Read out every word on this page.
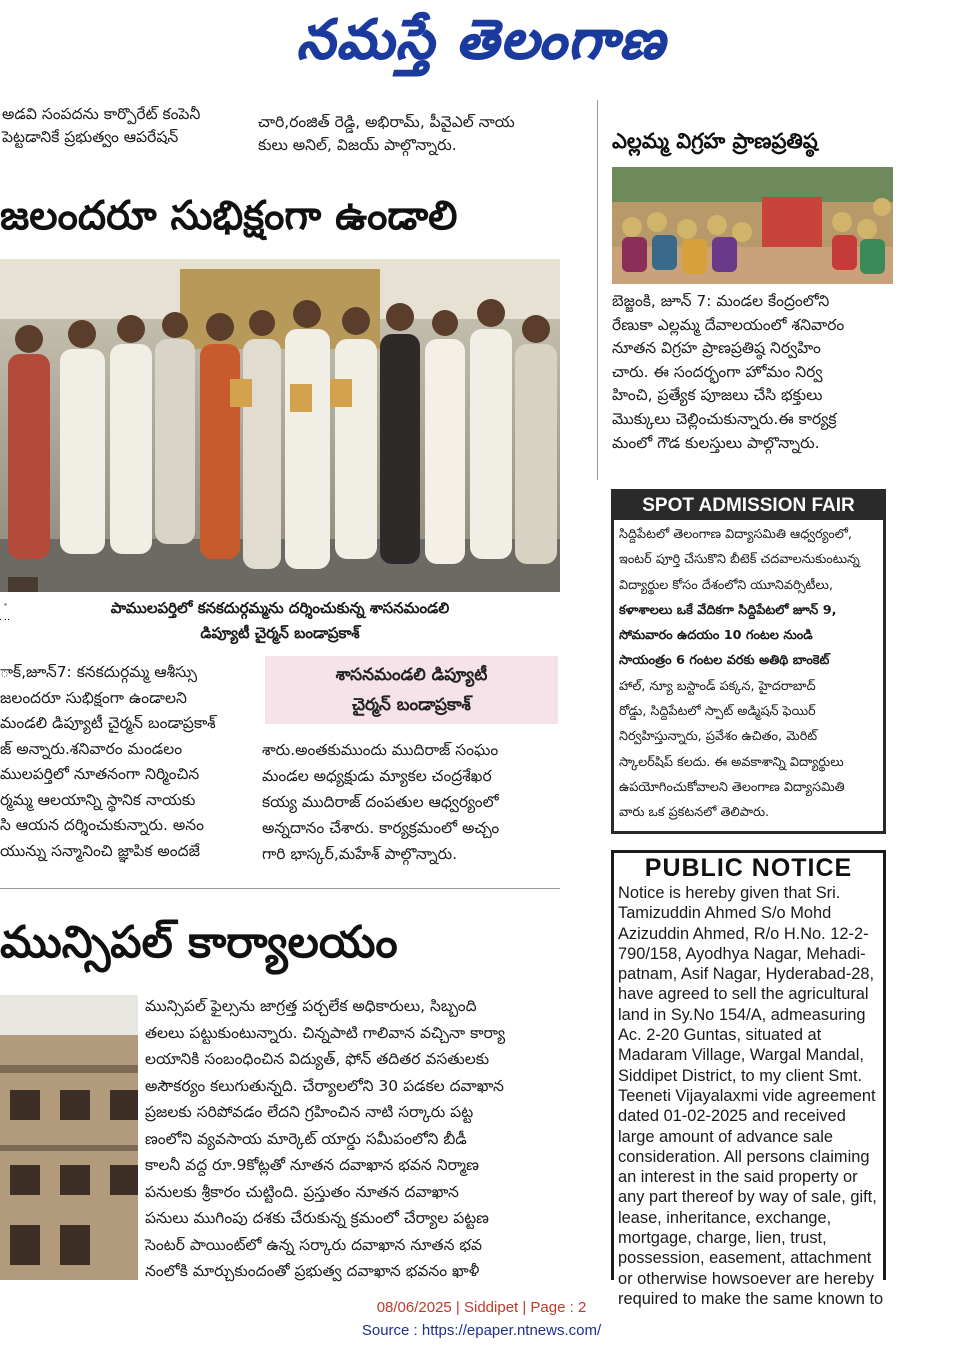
నమస్తే తెలంగాణ
అడవి సంపదను కార్పొరేట్ కంపెనీ
పెట్టడానికే ప్రభుత్వం ఆపరేషన్
చారి,రంజిత్ రెడ్డి, అభిరామ్, పీవైఎల్ నాయ
కులు అనిల్, విజయ్ పాల్గొన్నారు.
జలందరూ సుభిక్షంగా ఉండాలి
పాములపర్తిలో కనకదుర్గమ్మను దర్శించుకున్న శాసనమండలి
డిప్యూటీ చైర్మన్ బండాప్రకాశ్
ాక్,జూన్7: కనకదుర్గమ్మ ఆశీస్సు
జలందరూ సుభిక్షంగా ఉండాలని
మండలి డిప్యూటీ చైర్మన్ బండాప్రకాశ్
జ్ అన్నారు.శనివారం మండలం
ములపర్తిలో నూతనంగా నిర్మించిన
ర్మమ్మ ఆలయాన్ని స్థానిక నాయకు
సి ఆయన దర్శించుకున్నారు. అనం
యున్ను సన్మానించి జ్ఞాపిక అందజే
శాసనమండలి డిప్యూటీ
చైర్మన్ బండాప్రకాశ్
శారు.అంతకుముందు ముదిరాజ్ సంఘం
మండల అధ్యక్షుడు మ్యాకల చంద్రశేఖర
కయ్య ముదిరాజ్ దంపతుల ఆధ్వర్యంలో
అన్నదానం చేశారు. కార్యక్రమంలో అచ్చం
గారి భాస్కర్,మహేశ్ పాల్గొన్నారు.
మున్సిపల్ కార్యాలయం
మున్సిపల్ ఫైల్సను జాగ్రత్త పర్చలేక అధికారులు, సిబ్బంది
తలలు పట్టుకుంటున్నారు. చిన్నపాటి గాలివాన వచ్చినా కార్యా
లయానికి సంబంధించిన విద్యుత్, ఫోన్ తదితర వసతులకు
అసౌకర్యం కలుగుతున్నది. చేర్యాలలోని 30 పడకల దవాఖాన
ప్రజలకు సరిపోవడం లేదని గ్రహించిన నాటి సర్కారు పట్ట
ణంలోని వ్యవసాయ మార్కెట్ యార్డు సమీపంలోని బీడీ
కాలనీ వద్ద రూ.9కోట్లతో నూతన దవాఖాన భవన నిర్మాణ
పనులకు శ్రీకారం చుట్టింది. ప్రస్తుతం నూతన దవాఖాన
పనులు ముగింపు దశకు చేరుకున్న క్రమంలో చేర్యాల పట్టణ
సెంటర్ పాయింట్‌లో ఉన్న సర్కారు దవాఖాన నూతన భవ
నంలోకి మార్చుకుందంతో ప్రభుత్వ దవాఖాన భవనం ఖాళీ
ఎల్లమ్మ విగ్రహ ప్రాణప్రతిష్ఠ
బెజ్జంకి, జూన్ 7: మండల కేంద్రంలోని
రేణుకా ఎల్లమ్మ దేవాలయంలో శనివారం
నూతన విగ్రహ ప్రాణప్రతిష్ఠ నిర్వహిం
చారు. ఈ సందర్భంగా హోమం నిర్వ
హించి, ప్రత్యేక పూజలు చేసి భక్తులు
మొక్కులు చెల్లించుకున్నారు.ఈ కార్యక్ర
మంలో గౌడ కులస్తులు పాల్గొన్నారు.
SPOT ADMISSION FAIR
సిద్దిపేటలో తెలంగాణ విద్యాసమితి ఆధ్వర్యంలో,
ఇంటర్ పూర్తి చేసుకొని బీటెక్ చదవాలనుకుంటున్న
విద్యార్థుల కోసం దేశంలోని యూనివర్సిటీలు,
కళాశాలలు ఒకే వేదికగా సిద్దిపేటలో జూన్ 9,
సోమవారం ఉదయం 10 గంటల నుండి
సాయంత్రం 6 గంటల వరకు అతిథి బాంకెట్
హాల్, న్యూ బస్టాండ్ పక్కన, హైదరాబాద్
రోడ్డు, సిద్దిపేటలో స్పాట్ అడ్మిషన్ ఫెయిర్
నిర్వహిస్తున్నారు, ప్రవేశం ఉచితం, మెరిట్
స్కాలర్‌షిప్ కలదు. ఈ అవకాశాన్ని విద్యార్థులు
ఉపయోగించుకోవాలని తెలంగాణ విద్యాసమితి
వారు ఒక ప్రకటనలో తెలిపారు.
PUBLIC NOTICE
Notice is hereby given that Sri.
Tamizuddin Ahmed S/o Mohd
Azizuddin Ahmed, R/o H.No. 12-2-
790/158, Ayodhya Nagar, Mehadi-
patnam, Asif Nagar, Hyderabad-28,
have agreed to sell the agricultural
land in Sy.No 154/A, admeasuring
Ac. 2-20 Guntas, situated at
Madaram Village, Wargal Mandal,
Siddipet District, to my client Smt.
Teeneti Vijayalaxmi vide agreement
dated 01-02-2025 and received
large amount of advance sale
consideration. All persons claiming
an interest in the said property or
any part thereof by way of sale, gift,
lease, inheritance, exchange,
mortgage, charge, lien, trust,
possession, easement, attachment
or otherwise howsoever are hereby
required to make the same known to
08/06/2025 | Siddipet | Page : 2
Source : https://epaper.ntnews.com/
